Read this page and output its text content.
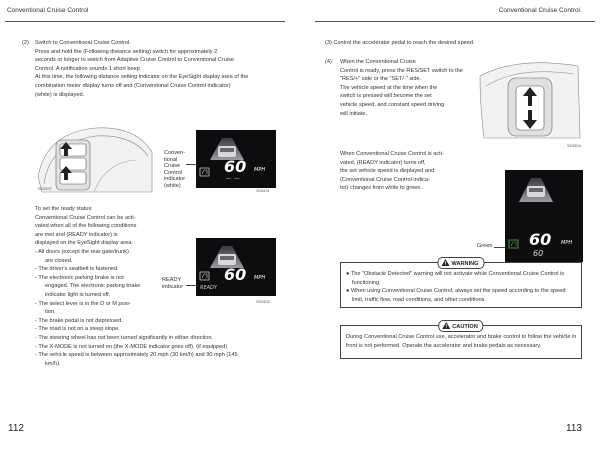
Conventional Cruise Control	Conventional Cruise Control
(2) Switch to Conventional Cruise Control.

Press and hold the (Following distance setting) switch for approximately 2

seconds or longer to switch from Adaptive Cruise Control to Conventional Cruise

Control. A notification sounds 1 short beep.

At this time, the following distance setting indicator on the EyeSight display area of the

combination meter display turns off and (Conventional Cruise Control indicator)

(white) is displayed.

S03397
Conven-
tional
Cruise
Control
indicator
(white)
60 MPH
— —
S03431

To set the ready status:

Conventional Cruise Control can be acti-

vated when all of the following conditions

are met and (READY indicator) is

displayed on the EyeSight display area.

- All doors (except the rear gate/trunk)

are closed.

- The driver's seatbelt is fastened.

- The electronic parking brake is not

engaged. The electronic parking brake

indicator light is turned off.

- The select lever is in the D or M posi-

tion.

- The brake pedal is not depressed.

- The road is not on a steep slope.

- The steering wheel has not been turned significantly in either direction.

- The X-MODE is not turned on (the X-MODE indicator goes off). (if equipped)

- The vehicle speed is between approximately 20 mph (30 km/h) and 90 mph (145

km/h).

READY
indicator
60 MPH
READY
S03432
112
(3) Control the accelerator pedal to reach the desired speed.
(4) When the Conventional Cruise

Control is ready, press the RES/SET switch to the

"RES/+" side or the "SET/-" side.

The vehicle speed at the time when the

switch is pressed will become the set

vehicle speed, and constant speed driving

will initiate.

S03394

When Conventional Cruise Control is acti-

vated, (READY indicator) turns off,

the set vehicle speed is displayed and

(Conventional Cruise Control indica-

tor) changes from white to green.

Green 60 MPH
60
WARNING

● The "Obstacle Detected" warning will not activate while Conventional Cruise Control is functioning.

● When using Conventional Cruise Control, always set the speed according to the speed limit, traffic flow, road conditions, and other conditions.

CAUTION
During Conventional Cruise Control use, accelerator and brake control to follow the vehicle in front is not performed. Operate the accelerator and brake pedals as necessary.
113
